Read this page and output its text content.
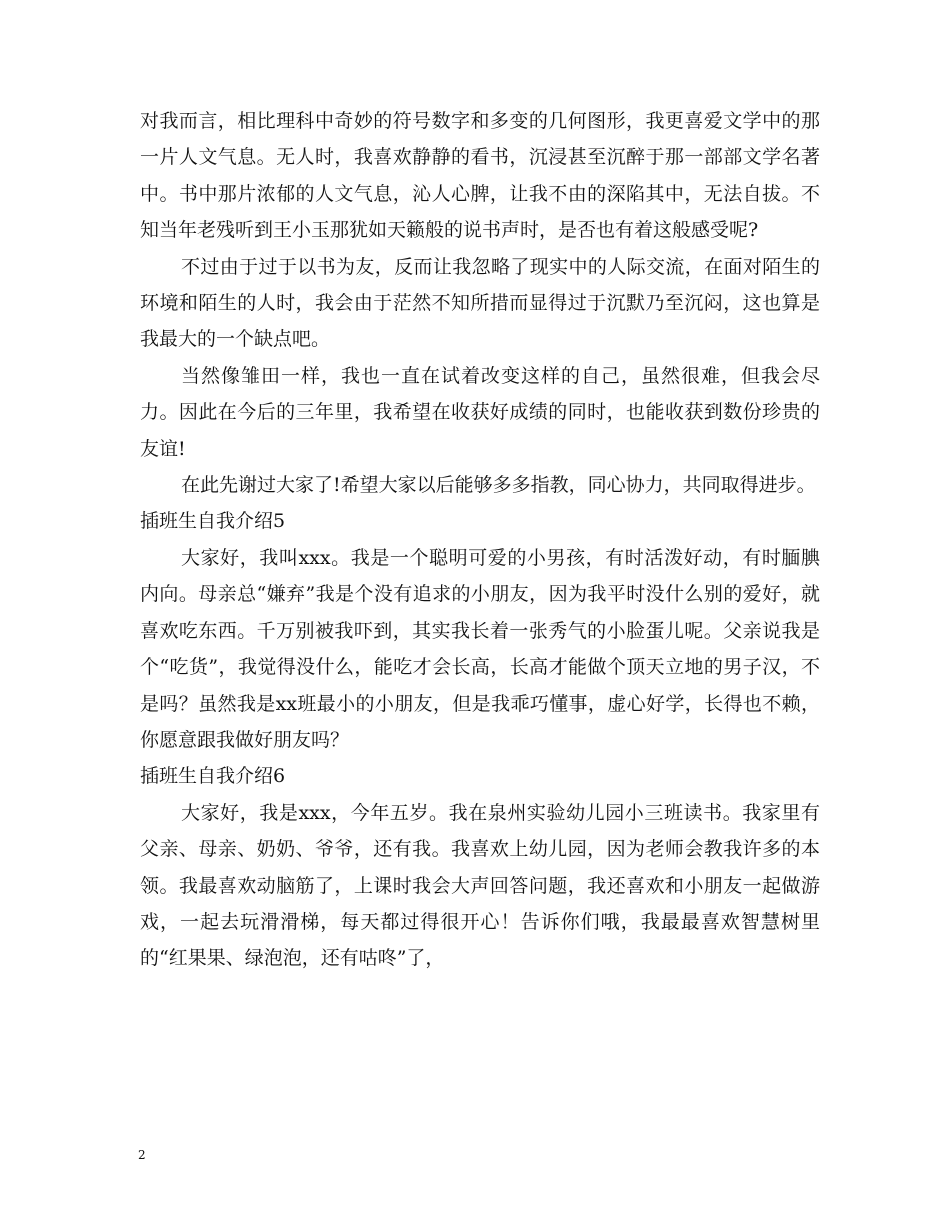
对我而言，相比理科中奇妙的符号数字和多变的几何图形，我更喜爱文学中的那一片人文气息。无人时，我喜欢静静的看书，沉浸甚至沉醉于那一部部文学名著中。书中那片浓郁的人文气息，沁人心脾，让我不由的深陷其中，无法自拔。不知当年老残听到王小玉那犹如天籁般的说书声时，是否也有着这般感受呢?

不过由于过于以书为友，反而让我忽略了现实中的人际交流，在面对陌生的环境和陌生的人时，我会由于茫然不知所措而显得过于沉默乃至沉闷，这也算是我最大的一个缺点吧。

当然像雏田一样，我也一直在试着改变这样的自己，虽然很难，但我会尽力。因此在今后的三年里，我希望在收获好成绩的同时，也能收获到数份珍贵的友谊!

在此先谢过大家了!希望大家以后能够多多指教，同心协力，共同取得进步。

插班生自我介绍5

大家好，我叫xxx。我是一个聪明可爱的小男孩，有时活泼好动，有时腼腆内向。母亲总“嫌弃”我是个没有追求的小朋友，因为我平时没什么别的爱好，就喜欢吃东西。千万别被我吓到，其实我长着一张秀气的小脸蛋儿呢。父亲说我是个“吃货”，我觉得没什么，能吃才会长高，长高才能做个顶天立地的男子汉，不是吗？虽然我是xx班最小的小朋友，但是我乖巧懂事，虚心好学，长得也不赖，你愿意跟我做好朋友吗？

插班生自我介绍6

大家好，我是xxx，今年五岁。我在泉州实验幼儿园小三班读书。我家里有父亲、母亲、奶奶、爷爷，还有我。我喜欢上幼儿园，因为老师会教我许多的本领。我最喜欢动脑筋了，上课时我会大声回答问题，我还喜欢和小朋友一起做游戏，一起去玩滑滑梯，每天都过得很开心！告诉你们哦，我最最喜欢智慧树里的“红果果、绿泡泡，还有咕咚”了，

2
